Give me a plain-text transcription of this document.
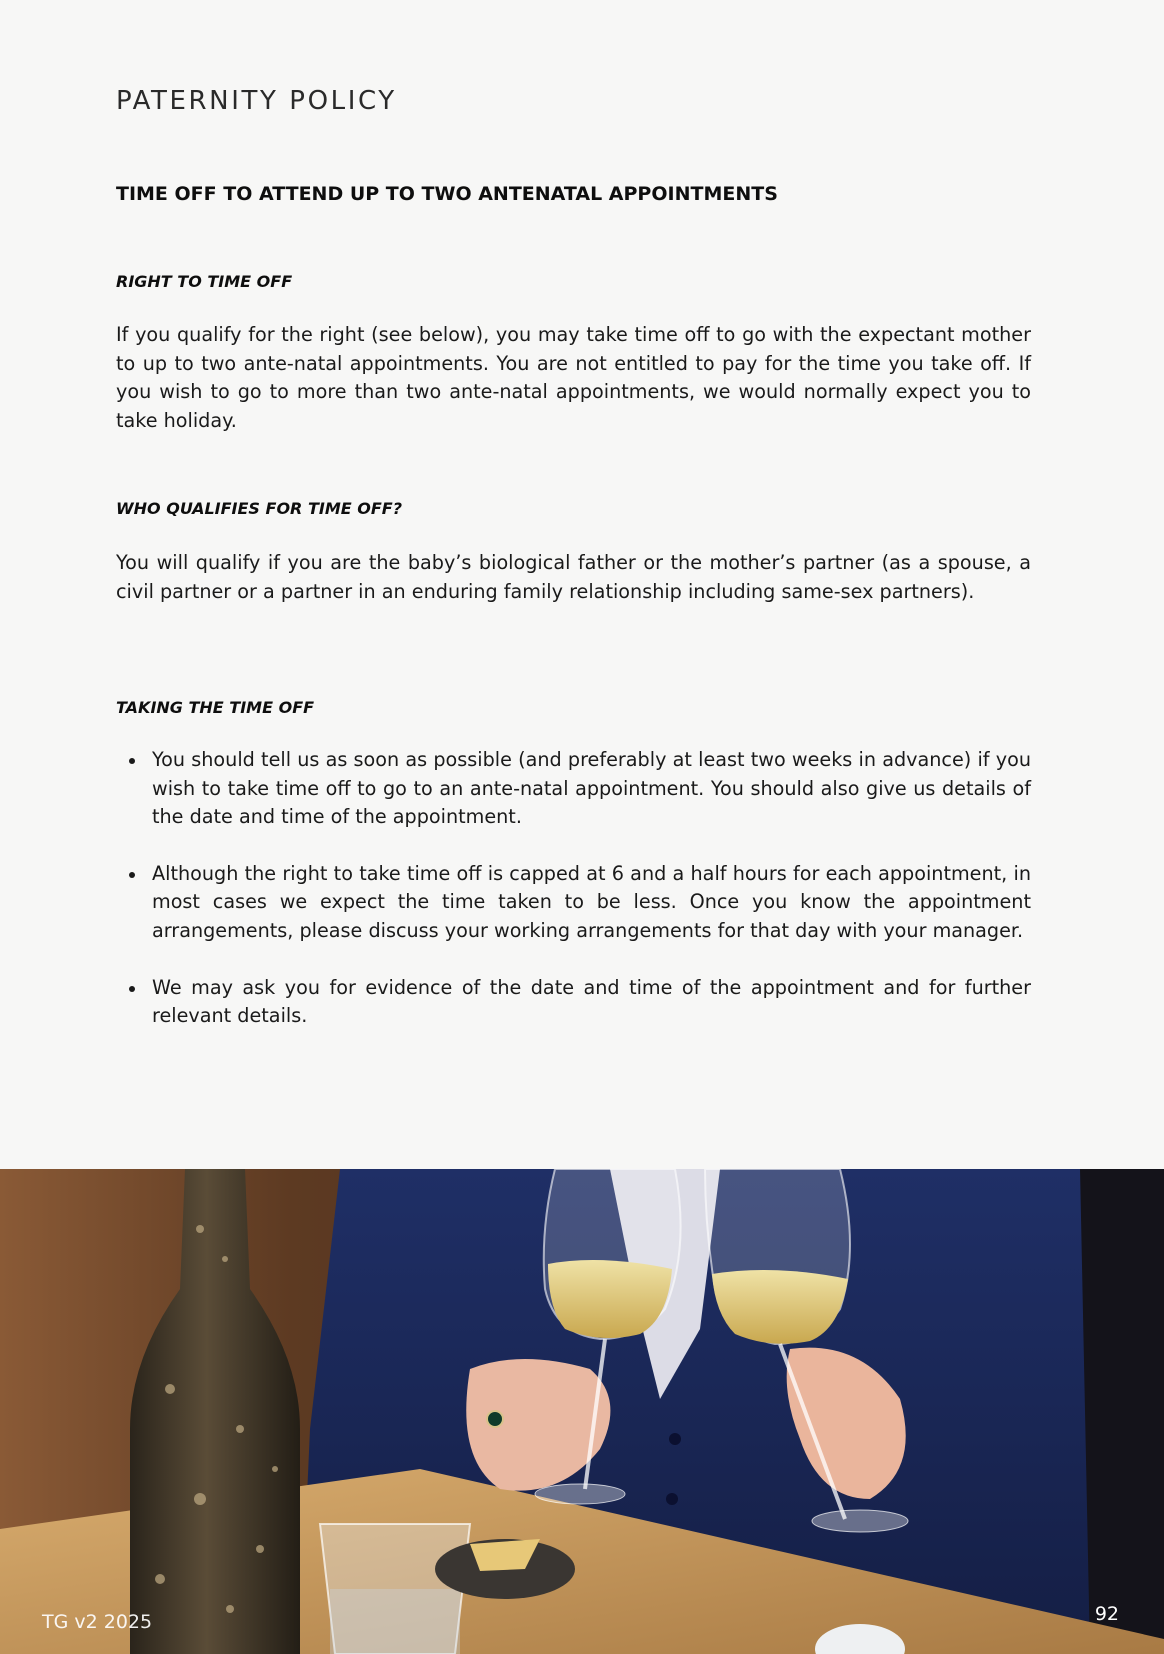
PATERNITY POLICY
TIME OFF TO ATTEND UP TO TWO ANTENATAL APPOINTMENTS
RIGHT TO TIME OFF

If you qualify for the right (see below), you may take time off to go with the expectant mother to up to two ante-natal appointments. You are not entitled to pay for the time you take off. If you wish to go to more than two ante-natal appointments, we would normally expect you to take holiday.

WHO QUALIFIES FOR TIME OFF?

You will qualify if you are the baby’s biological father or the mother’s partner (as a spouse, a civil partner or a partner in an enduring family relationship including same-sex partners).

TAKING THE TIME OFF
You should tell us as soon as possible (and preferably at least two weeks in advance) if you wish to take time off to go to an ante-natal appointment. You should also give us details of the date and time of the appointment.
Although the right to take time off is capped at 6 and a half hours for each appointment, in most cases we expect the time taken to be less. Once you know the appointment arrangements, please discuss your working arrangements for that day with your manager.
We may ask you for evidence of the date and time of the appointment and for further relevant details.
TG v2 2025	92
